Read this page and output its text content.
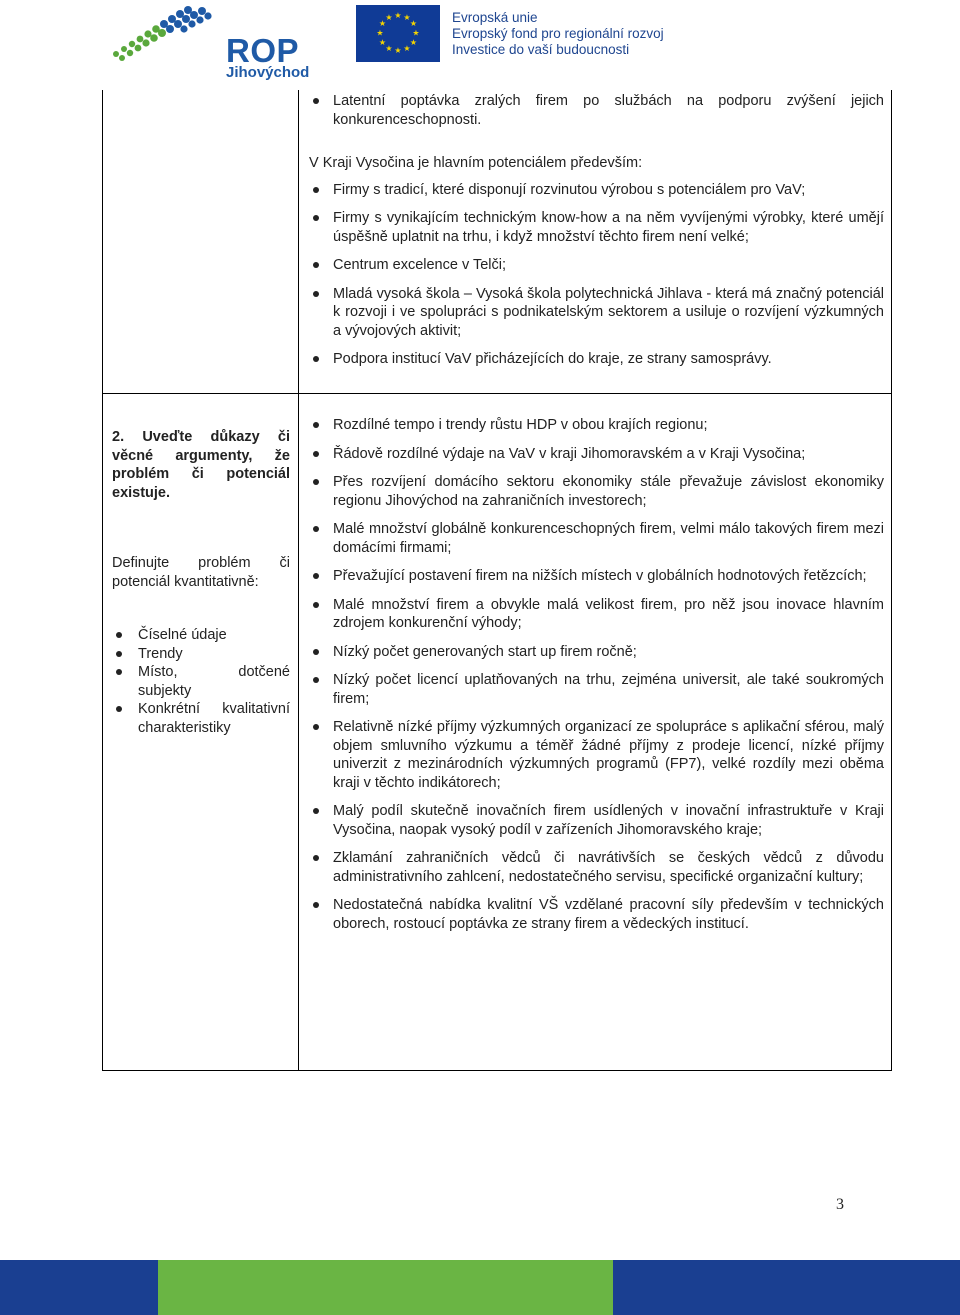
ROP
Jihovýchod
★ ★
★
★
★
★
★
★
★
★
★
★	Evropská unie
Evropský fond pro regionální rozvoj
Investice do vaší budoucnosti
Latentní poptávka zralých firem po službách na podporu zvýšení jejich konkurenceschopnosti.

V Kraji Vysočina je hlavním potenciálem především:

Firmy s tradicí, které disponují rozvinutou výrobou s potenciálem pro VaV;
Firmy s vynikajícím technickým know-how a na něm vyvíjenými výrobky, které umějí úspěšně uplatnit na trhu, i když množství těchto firem není velké;
Centrum excelence v Telči;
Mladá vysoká škola – Vysoká škola polytechnická Jihlava - která má značný potenciál k rozvoji i ve spolupráci s podnikatelským sektorem a usiluje o rozvíjení výzkumných a vývojových aktivit;
Podpora institucí VaV přicházejících do kraje, ze strany samosprávy.

2. Uveďte důkazy či věcné argumenty, že problém či potenciál existuje.

Definujte problém či potenciál kvantitativně:

Číselné údaje
Trendy
Místo, dotčené subjekty
Konkrétní kvalitativní charakteristiky
Rozdílné tempo i trendy růstu HDP v obou krajích regionu;
Řádově rozdílné výdaje na VaV v kraji Jihomoravském a v Kraji Vysočina;
Přes rozvíjení domácího sektoru ekonomiky stále převažuje závislost ekonomiky regionu Jihovýchod na zahraničních investorech;
Malé množství globálně konkurenceschopných firem, velmi málo takových firem mezi domácími firmami;
Převažující postavení firem na nižších místech v globálních hodnotových řetězcích;
Malé množství firem a obvykle malá velikost firem, pro něž jsou inovace hlavním zdrojem konkurenční výhody;
Nízký počet generovaných start up firem ročně;
Nízký počet licencí uplatňovaných na trhu, zejména universit, ale také soukromých firem;
Relativně nízké příjmy výzkumných organizací ze spolupráce s aplikační sférou, malý objem smluvního výzkumu a téměř žádné příjmy z prodeje licencí, nízké příjmy univerzit z mezinárodních výzkumných programů (FP7), velké rozdíly mezi oběma kraji v těchto indikátorech;
Malý podíl skutečně inovačních firem usídlených v inovační infrastruktuře v Kraji Vysočina, naopak vysoký podíl v zařízeních Jihomoravského kraje;
Zklamání zahraničních vědců či navrátivších se českých vědců z důvodu administrativního zahlcení, nedostatečného servisu, specifické organizační kultury;
Nedostatečná nabídka kvalitní VŠ vzdělané pracovní síly především v technických oborech, rostoucí poptávka ze strany firem a vědeckých institucí.
3
